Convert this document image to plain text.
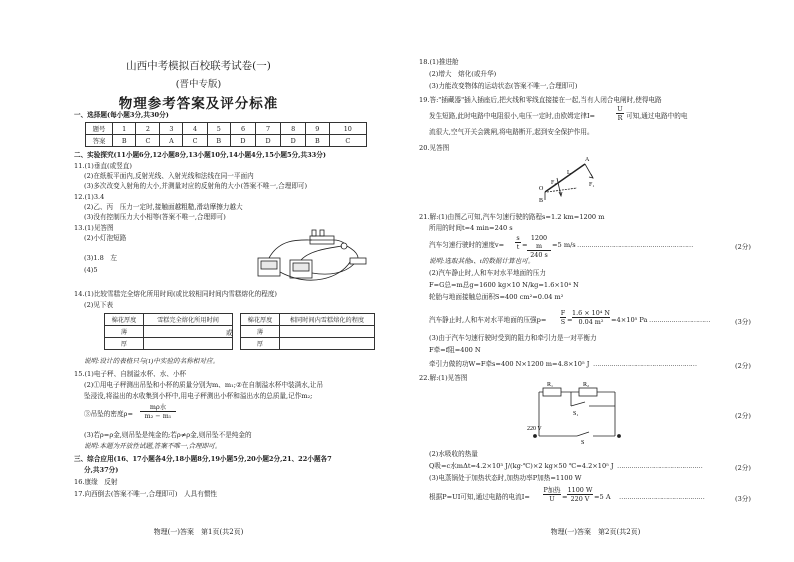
山西中考模拟百校联考试卷(一)
(晋中专版)
物理参考答案及评分标准
一、选择题(每小题3分,共30分)
题号	1	2	3	4	5	6	7	8	9	10
答案	B	C	A	C	B	D	D	D	B	C
二、实验探究(11小题6分,12小题8分,13小题10分,14小题4分,15小题5分,共33分)
11.(1)垂直(或竖直)
(2)在纸板平面内,反射光线、入射光线和法线在同一平面内
(3)多次改变入射角的大小,并测量对应的反射角的大小(答案不唯一,合理即可)
12.(1)3.4
(2)乙、丙　压力一定时,接触面越粗糙,滑动摩擦力越大
(3)没有控制压力大小相等(答案不唯一,合理即可)
13.(1)见答图
(2)小灯泡短路
(3)1.8　左
(4)5
14.(1)比较雪糕完全熔化所用时间(或比较相同时间内雪糕熔化的程度)
(2)见下表
棉花厚度	雪糕完全熔化所用时间
薄	
厚	
或
棉花厚度	相同时间内雪糕熔化的程度
薄	
厚	
说明:设计的表格只与(1)中实验的名称相对应。
15.(1)电子秤、自制溢水杯、水、小杯
(2)①用电子秤测出吊坠和小杯的质量分别为m、m₁;②在自制溢水杯中装满水,让吊
坠浸没,将溢出的水收集到小杯中,用电子秤测出小杯和溢出水的总质量,记作m₂;
③吊坠的密度ρ=
mρ水
m₂ − m₁
(3)若ρ=ρ金,则吊坠是纯金的;若ρ≠ρ金,则吊坠不是纯金的
说明:本题为开放性试题,答案不唯一,合理即可。
三、综合应用(16、17小题各4分,18小题8分,19小题5分,20小题2分,21、22小题各7
分,共37分)
16.康缘　反射
17.向西倒去(答案不唯一,合理即可)　人具有惯性
物理(一)答案　第1页(共2页)
18.(1)推进舱
(2)增大　熔化(或升华)
(3)力能改变物体的运动状态(答案不唯一,合理即可)
19.答:"插藏器"插入插座后,把火线和零线直接接在一起,当有人闭合电闸时,使得电路
发生短路,此时电路中电阻很小,电压一定时,由欧姆定律I=	$\frac{U}{R}$ 可知,通过电路中的电
流很大,空气开关会跳闸,将电路断开,起到安全保护作用。
20.见答图
A
B
O
F₁
L
F₂
21.解:(1)由图乙可知,汽车匀速行驶的路程s=1.2 km=1200 m
所用的时间t=4 min=240 s
汽车匀速行驶时的速度$v= \frac{s}{t} = \frac{1200 m}{240 s} =5$ m/s …………………………………………………	(2分)
说明:选取其他s、t的数据计算也可。
(2)汽车静止时,人和车对水平地面的压力
F=G总=m总g=1600 kg×10 N/kg=1.6×10⁴ N
轮胎与地面接触总面积S=400 cm²=0.04 m²
汽车静止时,人和车对水平地面的压强$p= \frac{F}{S} = \frac{\text{1.6 × 10⁴ N}}{\text{0.04 m²}} =4\times 10^5$ Pa …………………………	(3分)
(3)由于汽车匀速行驶时受到的阻力和牵引力是一对平衡力
F牵=f阻=400 N
牵引力做的功W=F牵s=400 N×1200 m=4.8×10⁵ J ……………………………………………	(2分)
22.解:(1)见答图
R₁	R₂
S₁
S
220 V
(2分)
(2)水吸收的热量
Q吸=c水mΔt=4.2×10³ J/(kg·℃)×2 kg×50 ℃=4.2×10⁵ J ……………………………………	(2分)
(3)电蒸锅处于加热状态时,加热功率P加热=1100 W
根据P=UI可知,通过电路的电流I=
P加热
U	= $\frac{1100 W}{220 V} =5$ A ……………………………………	(3分)
物理(一)答案　第2页(共2页)
